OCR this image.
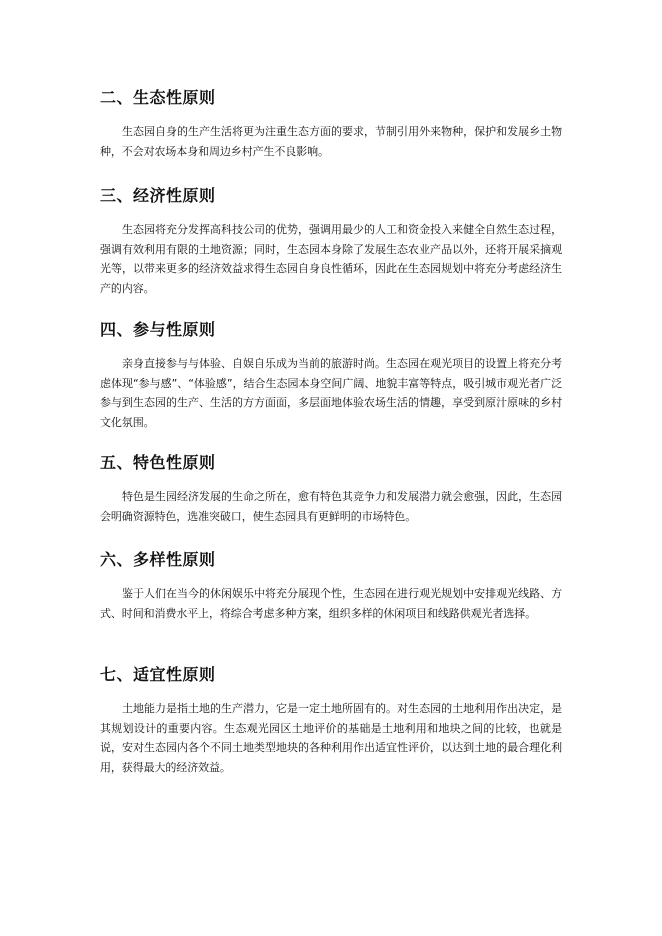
二、生态性原则

生态园自身的生产生活将更为注重生态方面的要求，节制引用外来物种，保护和发展乡土物种，不会对农场本身和周边乡村产生不良影响。

三、经济性原则

生态园将充分发挥高科技公司的优势，强调用最少的人工和资金投入来健全自然生态过程，强调有效利用有限的土地资源；同时，生态园本身除了发展生态农业产品以外，还将开展采摘观光等，以带来更多的经济效益求得生态园自身良性循环，因此在生态园规划中将充分考虑经济生产的内容。

四、参与性原则

亲身直接参与与体验、自娱自乐成为当前的旅游时尚。生态园在观光项目的设置上将充分考虑体现“参与感”、“体验感”，结合生态园本身空间广阔、地貌丰富等特点，吸引城市观光者广泛参与到生态园的生产、生活的方方面面，多层面地体验农场生活的情趣，享受到原汁原味的乡村文化氛围。

五、特色性原则

特色是生园经济发展的生命之所在，愈有特色其竞争力和发展潜力就会愈强，因此，生态园会明确资源特色，选准突破口，使生态园具有更鲜明的市场特色。

六、多样性原则

鉴于人们在当今的休闲娱乐中将充分展现个性，生态园在进行观光规划中安排观光线路、方式、时间和消费水平上，将综合考虑多种方案，组织多样的休闲项目和线路供观光者选择。

七、适宜性原则

土地能力是指土地的生产潜力，它是一定土地所固有的。对生态园的土地利用作出决定，是其规划设计的重要内容。生态观光园区土地评价的基础是土地利用和地块之间的比较，也就是说，安对生态园内各个不同土地类型地块的各种利用作出适宜性评价，以达到土地的最合理化利用，获得最大的经济效益。
